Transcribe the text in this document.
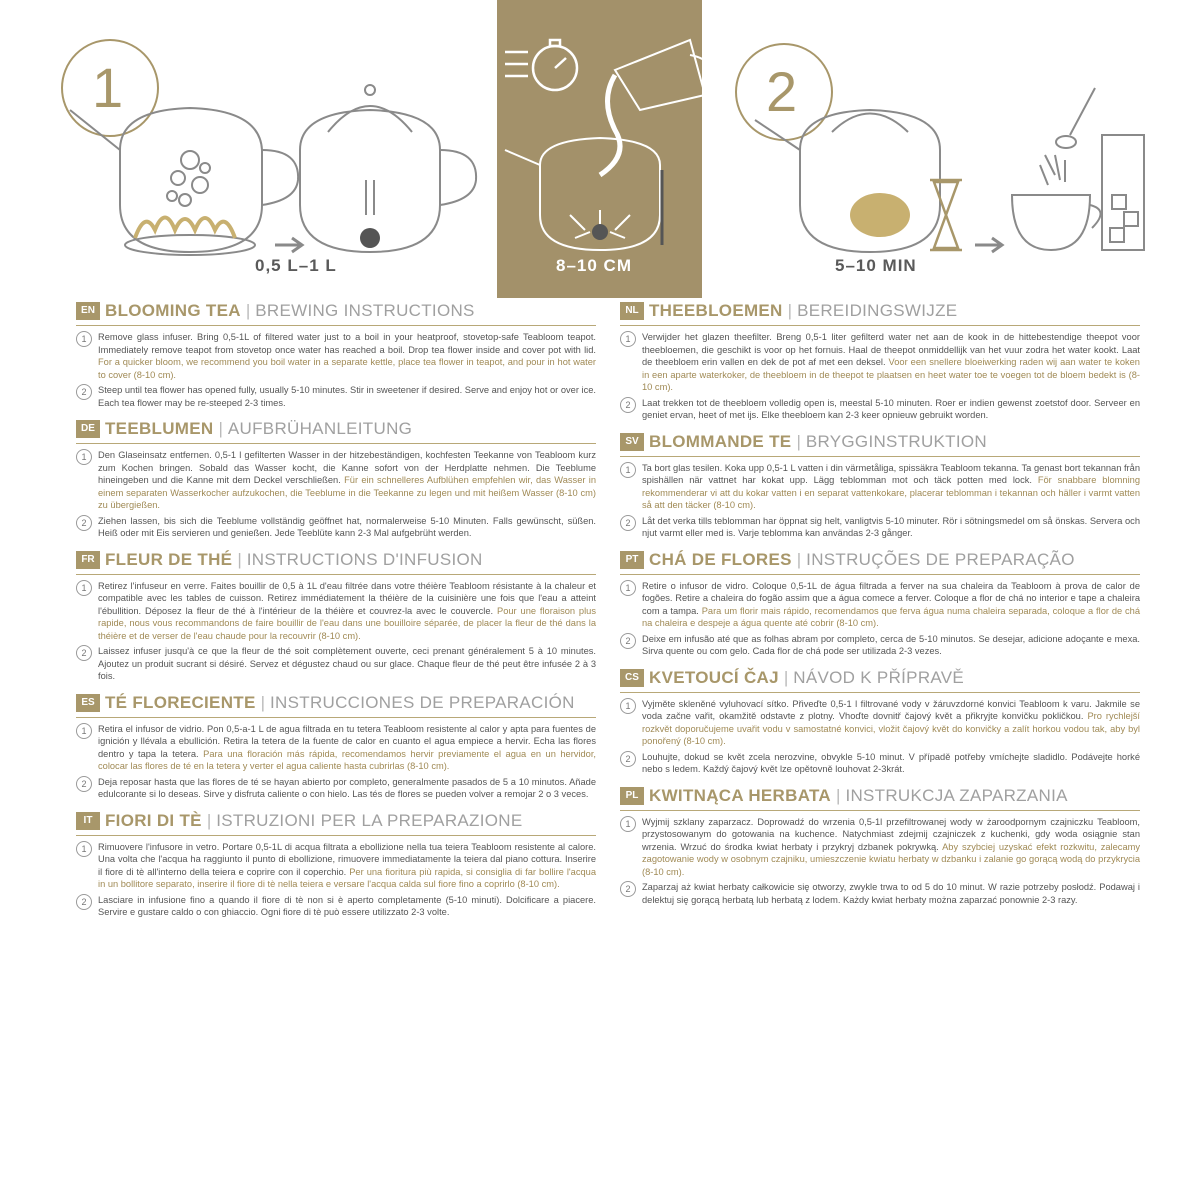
0,5 L–1 L	8–10 CM	5–10 MIN
EN BLOOMING TEA | BREWING INSTRUCTIONS
1	Remove glass infuser. Bring 0,5-1L of filtered water just to a boil in your heatproof, stovetop-safe Teabloom teapot. Immediately remove teapot from stovetop once water has reached a boil. Drop tea flower inside and cover pot with lid. For a quicker bloom, we recommend you boil water in a separate kettle, place tea flower in teapot, and pour in hot water to cover (8-10 cm).
2	Steep until tea flower has opened fully, usually 5-10 minutes. Stir in sweetener if desired. Serve and enjoy hot or over ice. Each tea flower may be re-steeped 2-3 times.
DE TEEBLUMEN | AUFBRÜHANLEITUNG
1	Den Glaseinsatz entfernen. 0,5-1 l gefilterten Wasser in der hitzebeständigen, kochfesten Teekanne von Teabloom kurz zum Kochen bringen. Sobald das Wasser kocht, die Kanne sofort von der Herdplatte nehmen. Die Teeblume hineingeben und die Kanne mit dem Deckel verschließen. Für ein schnelleres Aufblühen empfehlen wir, das Wasser in einem separaten Wasserkocher aufzukochen, die Teeblume in die Teekanne zu legen und mit heißem Wasser (8-10 cm) zu übergießen.
2	Ziehen lassen, bis sich die Teeblume vollständig geöffnet hat, normalerweise 5-10 Minuten. Falls gewünscht, süßen. Heiß oder mit Eis servieren und genießen. Jede Teeblüte kann 2-3 Mal aufgebrüht werden.
FR FLEUR DE THÉ | INSTRUCTIONS D'INFUSION
1	Retirez l'infuseur en verre. Faites bouillir de 0,5 à 1L d'eau filtrée dans votre théière Teabloom résistante à la chaleur et compatible avec les tables de cuisson. Retirez immédiatement la théière de la cuisinière une fois que l'eau a atteint l'ébullition. Déposez la fleur de thé à l'intérieur de la théière et couvrez-la avec le couvercle. Pour une floraison plus rapide, nous vous recommandons de faire bouillir de l'eau dans une bouilloire séparée, de placer la fleur de thé dans la théière et de verser de l'eau chaude pour la recouvrir (8-10 cm).
2	Laissez infuser jusqu'à ce que la fleur de thé soit complètement ouverte, ceci prenant généralement 5 à 10 minutes. Ajoutez un produit sucrant si désiré. Servez et dégustez chaud ou sur glace. Chaque fleur de thé peut être infusée 2 à 3 fois.
ES TÉ FLORECIENTE | INSTRUCCIONES DE PREPARACIÓN
1	Retira el infusor de vidrio. Pon 0,5-a-1 L de agua filtrada en tu tetera Teabloom resistente al calor y apta para fuentes de ignición y llévala a ebullición. Retira la tetera de la fuente de calor en cuanto el agua empiece a hervir. Echa las flores dentro y tapa la tetera. Para una floración más rápida, recomendamos hervir previamente el agua en un hervidor, colocar las flores de té en la tetera y verter el agua caliente hasta cubrirlas (8-10 cm).
2	Deja reposar hasta que las flores de té se hayan abierto por completo, generalmente pasados de 5 a 10 minutos. Añade edulcorante si lo deseas. Sirve y disfruta caliente o con hielo. Las tés de flores se pueden volver a remojar 2 o 3 veces.
IT FIORI DI TÈ | ISTRUZIONI PER LA PREPARAZIONE
1	Rimuovere l'infusore in vetro. Portare 0,5-1L di acqua filtrata a ebollizione nella tua teiera Teabloom resistente al calore. Una volta che l'acqua ha raggiunto il punto di ebollizione, rimuovere immediatamente la teiera dal piano cottura. Inserire il fiore di tè all'interno della teiera e coprire con il coperchio. Per una fioritura più rapida, si consiglia di far bollire l'acqua in un bollitore separato, inserire il fiore di tè nella teiera e versare l'acqua calda sul fiore fino a coprirlo (8-10 cm).
2	Lasciare in infusione fino a quando il fiore di tè non si è aperto completamente (5-10 minuti). Dolcificare a piacere. Servire e gustare caldo o con ghiaccio. Ogni fiore di tè può essere utilizzato 2-3 volte.
NL THEEBLOEMEN | BEREIDINGSWIJZE
1	Verwijder het glazen theefilter. Breng 0,5-1 liter gefilterd water net aan de kook in de hittebestendige theepot voor theebloemen, die geschikt is voor op het fornuis. Haal de theepot onmiddellijk van het vuur zodra het water kookt. Laat de theebloem erin vallen en dek de pot af met een deksel. Voor een snellere bloeiwerking raden wij aan water te koken in een aparte waterkoker, de theebloem in de theepot te plaatsen en heet water toe te voegen tot de bloem bedekt is (8-10 cm).
2	Laat trekken tot de theebloem volledig open is, meestal 5-10 minuten. Roer er indien gewenst zoetstof door. Serveer en geniet ervan, heet of met ijs. Elke theebloem kan 2-3 keer opnieuw gebruikt worden.
SV BLOMMANDE TE | BRYGGINSTRUKTION
1	Ta bort glas tesilen. Koka upp 0,5-1 L vatten i din värmetåliga, spissäkra Teabloom tekanna. Ta genast bort tekannan från spishällen när vattnet har kokat upp. Lägg teblomman mot och täck potten med lock. För snabbare blomning rekommenderar vi att du kokar vatten i en separat vattenkokare, placerar teblomman i tekannan och häller i varmt vatten så att den täcker (8-10 cm).
2	Låt det verka tills teblomman har öppnat sig helt, vanligtvis 5-10 minuter. Rör i sötningsmedel om så önskas. Servera och njut varmt eller med is. Varje teblomma kan användas 2-3 gånger.
PT CHÁ DE FLORES | INSTRUÇÕES DE PREPARAÇÃO
1	Retire o infusor de vidro. Coloque 0,5-1L de água filtrada a ferver na sua chaleira da Teabloom à prova de calor de fogões. Retire a chaleira do fogão assim que a água comece a ferver. Coloque a flor de chá no interior e tape a chaleira com a tampa. Para um florir mais rápido, recomendamos que ferva água numa chaleira separada, coloque a flor de chá na chaleira e despeje a água quente até cobrir (8-10 cm).
2	Deixe em infusão até que as folhas abram por completo, cerca de 5-10 minutos. Se desejar, adicione adoçante e mexa. Sirva quente ou com gelo. Cada flor de chá pode ser utilizada 2-3 vezes.
CS KVETOUCÍ ČAJ | NÁVOD K PŘÍPRAVĚ
1	Vyjměte skleněné vyluhovací sítko. Přiveďte 0,5-1 l filtrované vody v žáruvzdorné konvici Teabloom k varu. Jakmile se voda začne vařit, okamžitě odstavte z plotny. Vhoďte dovnitř čajový květ a přikryjte konvičku pokličkou. Pro rychlejší rozkvět doporučujeme uvařit vodu v samostatné konvici, vložit čajový květ do konvičky a zalít horkou vodou tak, aby byl ponořený (8-10 cm).
2	Louhujte, dokud se květ zcela nerozvine, obvykle 5-10 minut. V případě potřeby vmíchejte sladidlo. Podávejte horké nebo s ledem. Každý čajový květ lze opětovně louhovat 2-3krát.
PL KWITNĄCA HERBATA | INSTRUKCJA ZAPARZANIA
1	Wyjmij szklany zaparzacz. Doprowadź do wrzenia 0,5-1l przefiltrowanej wody w żaroodpornym czajniczku Teabloom, przystosowanym do gotowania na kuchence. Natychmiast zdejmij czajniczek z kuchenki, gdy woda osiągnie stan wrzenia. Wrzuć do środka kwiat herbaty i przykryj dzbanek pokrywką. Aby szybciej uzyskać efekt rozkwitu, zalecamy zagotowanie wody w osobnym czajniku, umieszczenie kwiatu herbaty w dzbanku i zalanie go gorącą wodą do przykrycia (8-10 cm).
2	Zaparzaj aż kwiat herbaty całkowicie się otworzy, zwykle trwa to od 5 do 10 minut. W razie potrzeby posłodź. Podawaj i delektuj się gorącą herbatą lub herbatą z lodem. Każdy kwiat herbaty można zaparzać ponownie 2-3 razy.
1	2
